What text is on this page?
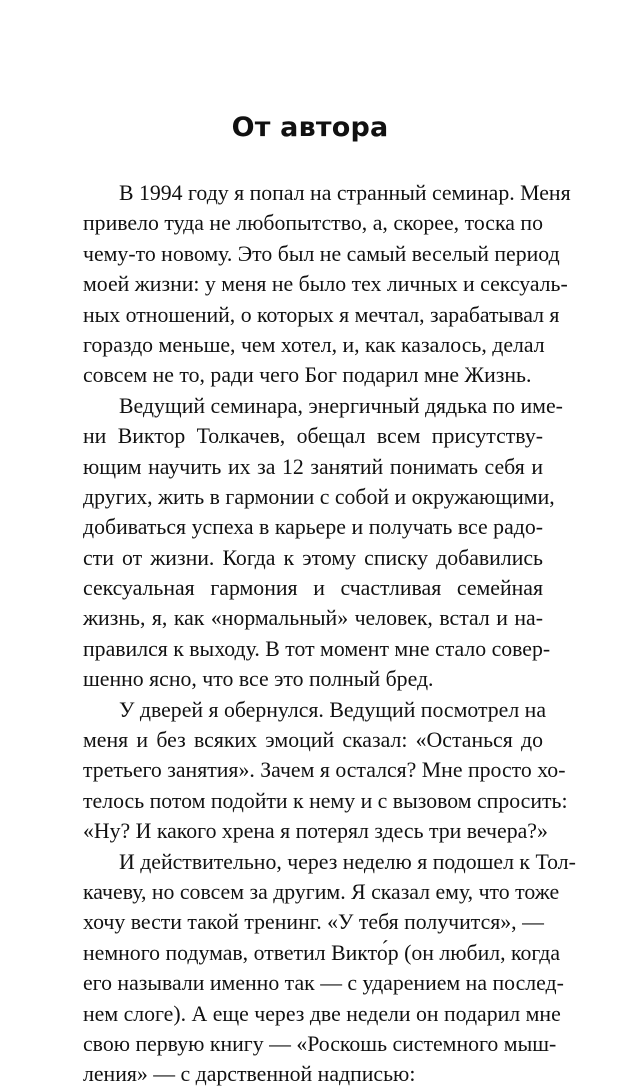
От автора
В 1994 году я попал на странный семинар. Меня
привело туда не любопытство, а, скорее, тоска по
чему-то новому. Это был не самый веселый период
моей жизни: у меня не было тех личных и сексуаль-
ных отношений, о которых я мечтал, зарабатывал я
гораздо меньше, чем хотел, и, как казалось, делал
совсем не то, ради чего Бог подарил мне Жизнь.
Ведущий семинара, энергичный дядька по име-
ни Виктор Толкачев, обещал всем присутству-
ющим научить их за 12 занятий понимать себя и
других, жить в гармонии с собой и окружающими,
добиваться успеха в карьере и получать все радо-
сти от жизни. Когда к этому списку добавились
сексуальная гармония и счастливая семейная
жизнь, я, как «нормальный» человек, встал и на-
правился к выходу. В тот момент мне стало совер-
шенно ясно, что все это полный бред.
У дверей я обернулся. Ведущий посмотрел на
меня и без всяких эмоций сказал: «Останься до
третьего занятия». Зачем я остался? Мне просто хо-
телось потом подойти к нему и с вызовом спросить:
«Ну? И какого хрена я потерял здесь три вечера?»
И действительно, через неделю я подошел к Тол-
качеву, но совсем за другим. Я сказал ему, что тоже
хочу вести такой тренинг. «У тебя получится», —
немного подумав, ответил Викто́р (он любил, когда
его называли именно так — с ударением на послед-
нем слоге). А еще через две недели он подарил мне
свою первую книгу — «Роскошь системного мыш-
ления» — с дарственной надписью:
